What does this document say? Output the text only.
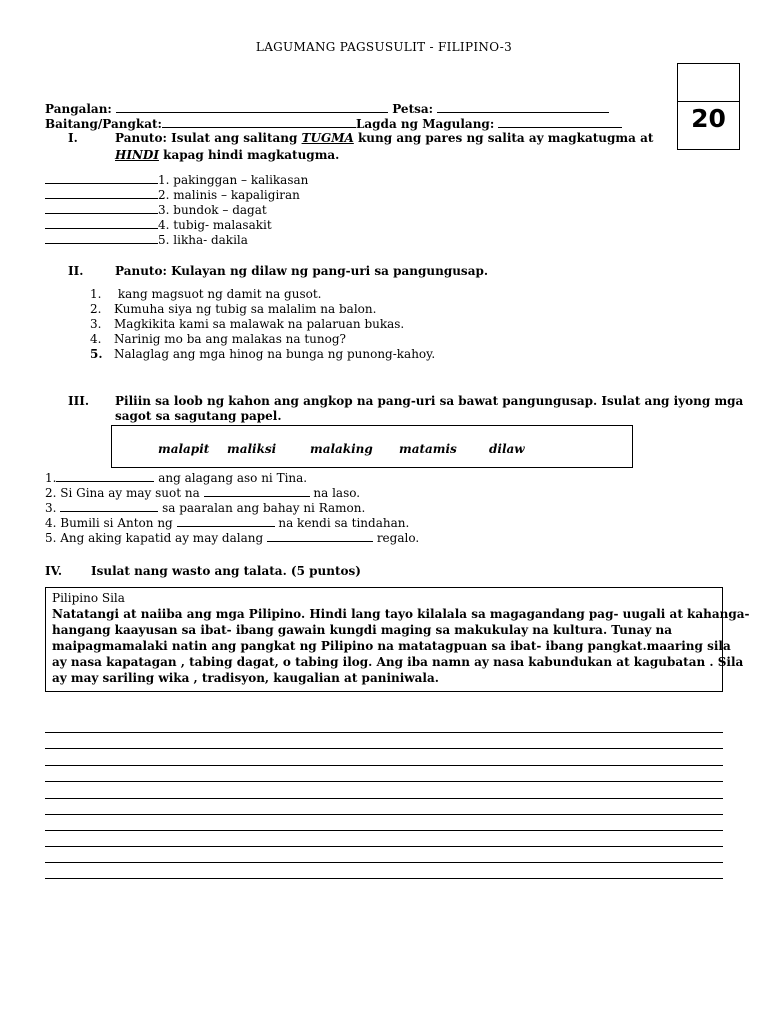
LAGUMANG PAGSUSULIT - FILIPINO-3
20
Pangalan:	Petsa:
Baitang/Pangkat:	Lagda ng Magulang:
I.	Panuto: Isulat ang salitang TUGMA kung ang pares ng salita ay magkatugma at
HINDI kapag hindi magkatugma.
1. pakinggan – kalikasan
2. malinis – kapaligiran
3. bundok – dagat
4. tubig- malasakit
5. likha- dakila
II.	Panuto: Kulayan ng dilaw ng pang-uri sa pangungusap.
1. kang magsuot ng damit na gusot.
2. Kumuha siya ng tubig sa malalim na balon.
3. Magkikita kami sa malawak na palaruan bukas.
4. Narinig mo ba ang malakas na tunog?
5. Nalaglag ang mga hinog na bunga ng punong-kahoy.
III. Piliin sa loob ng kahon ang angkop na pang-uri sa bawat pangungusap. Isulat ang iyong mga
sagot sa sagutang papel.
malapit maliksi	malaking matamis	dilaw
1.	ang alagang aso ni Tina.
2. Si Gina ay may suot na	na laso.
3.	sa paaralan ang bahay ni Ramon.
4. Bumili si Anton ng	na kendi sa tindahan.
5. Ang aking kapatid ay may dalang	regalo.
IV. Isulat nang wasto ang talata. (5 puntos)
Pilipino Sila
Natatangi at naiiba ang mga Pilipino. Hindi lang tayo kilalala sa magagandang pag- uugali at kahanga-
hangang kaayusan sa ibat- ibang gawain kungdi maging sa makukulay na kultura. Tunay na
maipagmamalaki natin ang pangkat ng Pilipino na matatagpuan sa ibat- ibang pangkat.maaring sila
ay nasa kapatagan , tabing dagat, o tabing ilog. Ang iba namn ay nasa kabundukan at kagubatan . Sila
ay may sariling wika , tradisyon, kaugalian at paniniwala.
